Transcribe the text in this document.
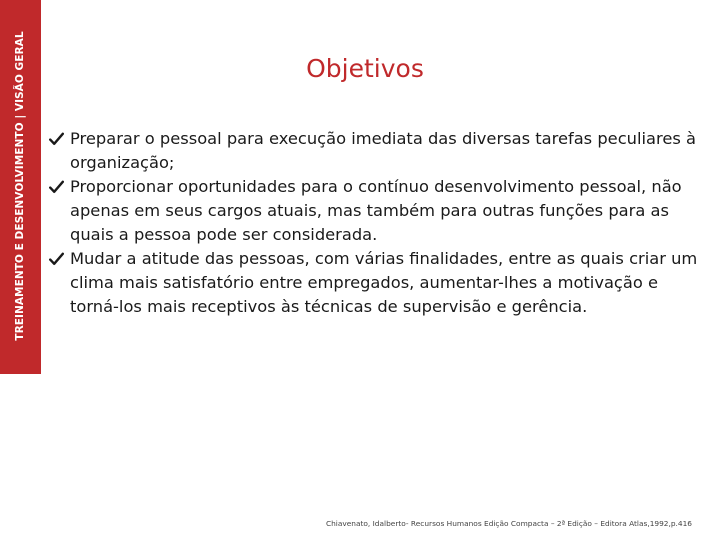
TREINAMENTO E DESENVOLVIMENTO | VISÃO GERAL	Objetivos
Preparar o pessoal para execução imediata das diversas tarefas peculiares à organização;
Proporcionar oportunidades para o contínuo desenvolvimento pessoal, não apenas em seus cargos atuais, mas também para outras funções para as quais a pessoa pode ser considerada.
Mudar a atitude das pessoas, com várias finalidades, entre as quais criar um clima mais satisfatório entre empregados, aumentar-lhes a motivação e torná-los mais receptivos às técnicas de supervisão e gerência.
Chiavenato, Idalberto- Recursos Humanos Edição Compacta – 2ª Edição – Editora Atlas,1992,p.416
